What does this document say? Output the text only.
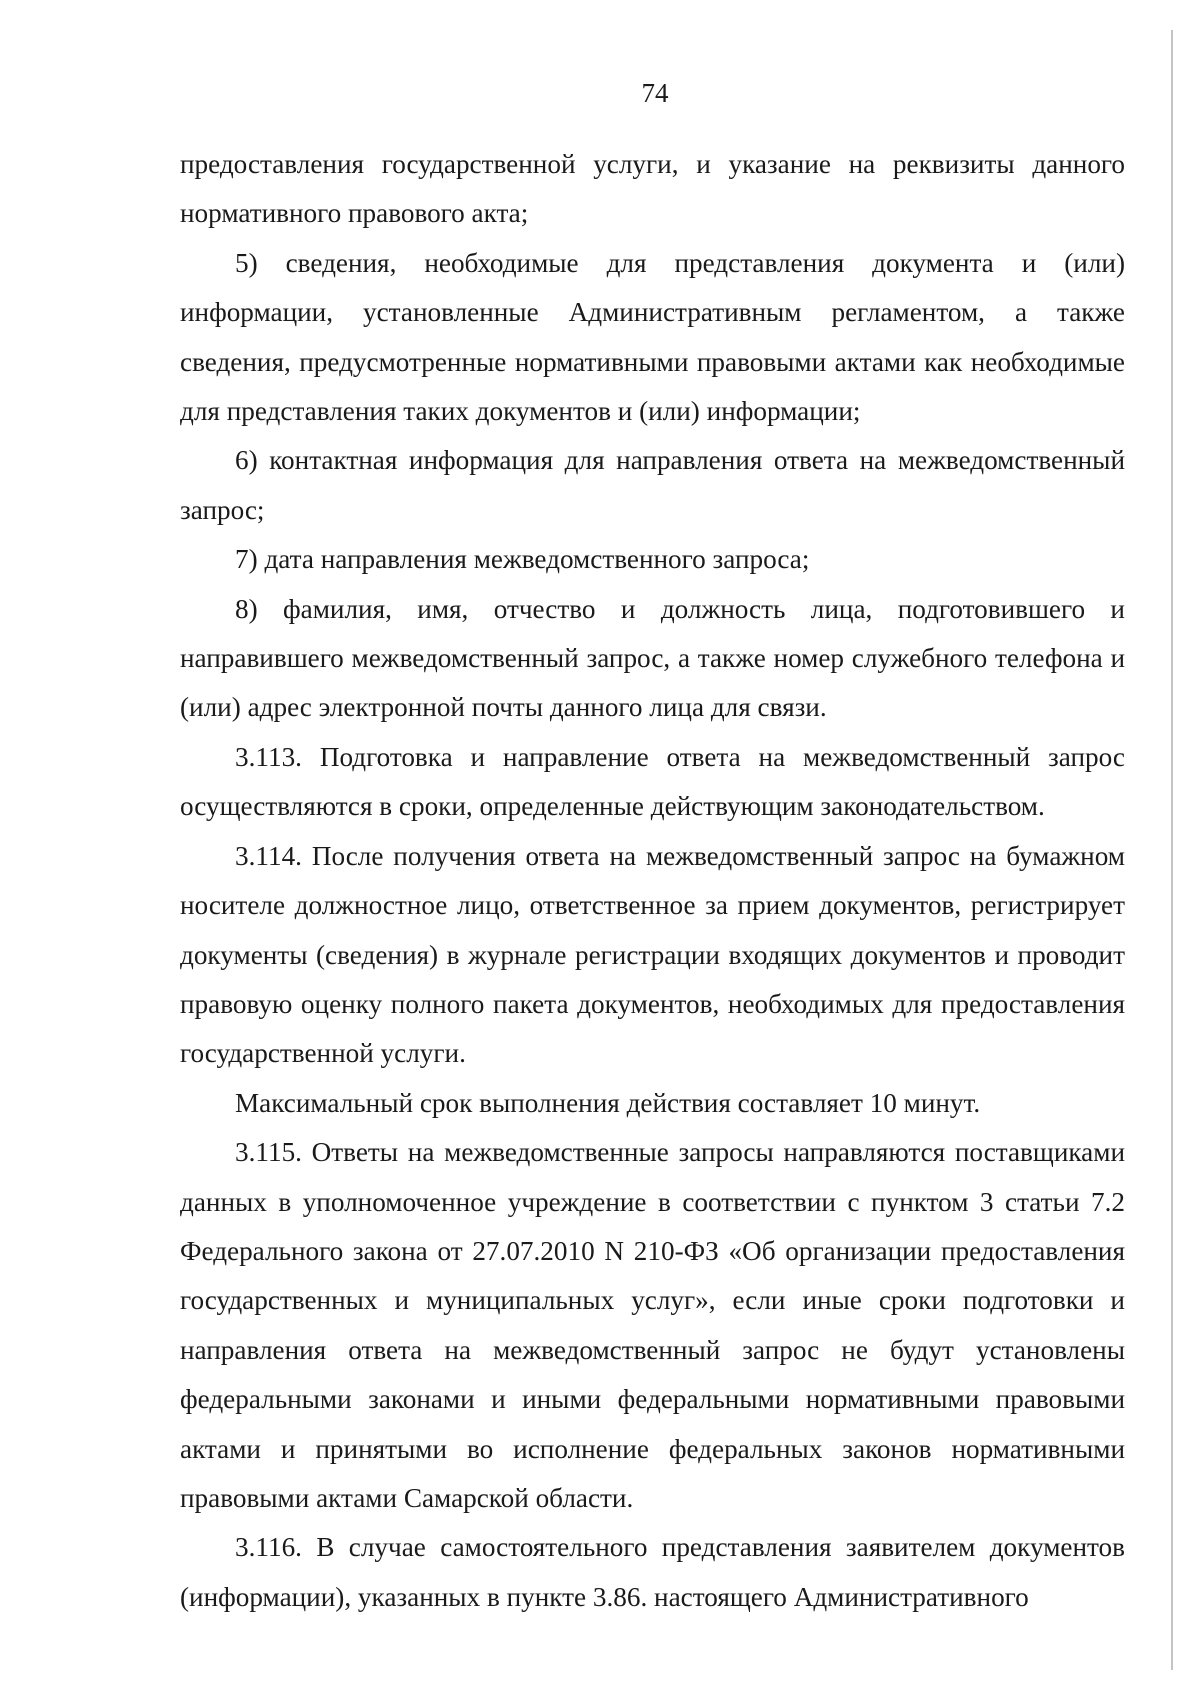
74

предоставления государственной услуги, и указание на реквизиты данного нормативного правового акта;

5) сведения, необходимые для представления документа и (или) информации, установленные Административным регламентом, а также сведения, предусмотренные нормативными правовыми актами как необходимые для представления таких документов и (или) информации;

6) контактная информация для направления ответа на межведомственный запрос;

7) дата направления межведомственного запроса;

8) фамилия, имя, отчество и должность лица, подготовившего и направившего межведомственный запрос, а также номер служебного телефона и (или) адрес электронной почты данного лица для связи.

3.113. Подготовка и направление ответа на межведомственный запрос осуществляются в сроки, определенные действующим законодательством.

3.114. После получения ответа на межведомственный запрос на бумажном носителе должностное лицо, ответственное за прием документов, регистрирует документы (сведения) в журнале регистрации входящих документов и проводит правовую оценку полного пакета документов, необходимых для предоставления государственной услуги.

Максимальный срок выполнения действия составляет 10 минут.

3.115. Ответы на межведомственные запросы направляются поставщиками данных в уполномоченное учреждение в соответствии с пунктом 3 статьи 7.2 Федерального закона от 27.07.2010 N 210-ФЗ «Об организации предоставления государственных и муниципальных услуг», если иные сроки подготовки и направления ответа на межведомственный запрос не будут установлены федеральными законами и иными федеральными нормативными правовыми актами и принятыми во исполнение федеральных законов нормативными правовыми актами Самарской области.

3.116. В случае самостоятельного представления заявителем документов (информации), указанных в пункте 3.86. настоящего Административного
